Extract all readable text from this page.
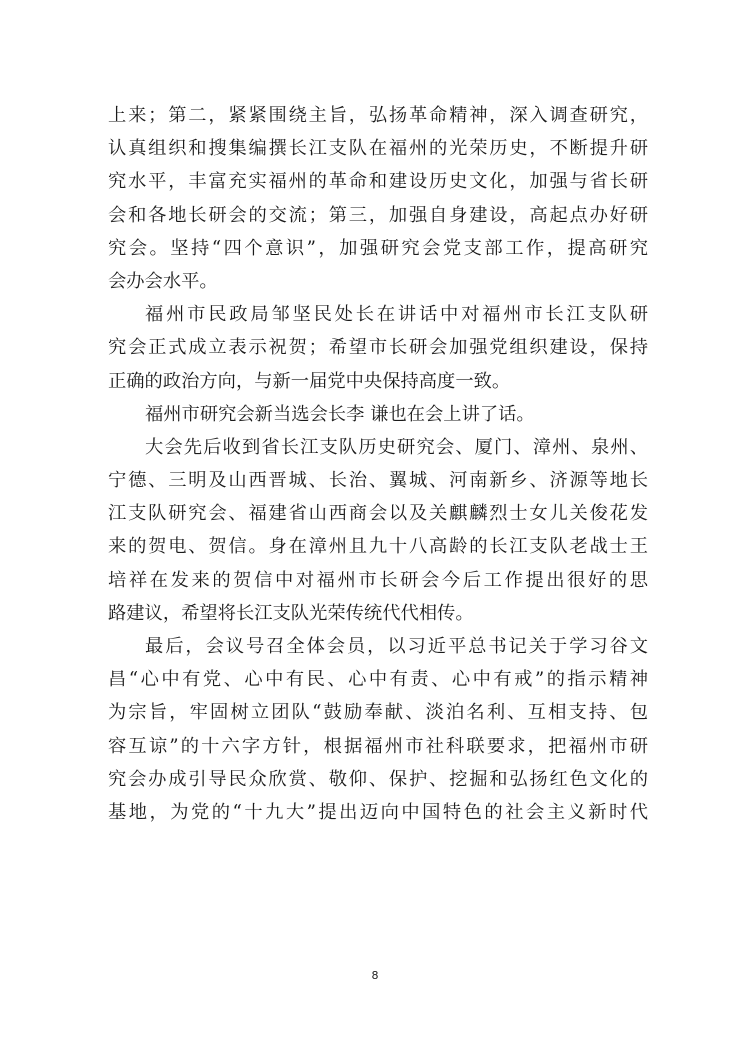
上来；第二，紧紧围绕主旨，弘扬革命精神，深入调查研究，
认真组织和搜集编撰长江支队在福州的光荣历史，不断提升研
究水平，丰富充实福州的革命和建设历史文化，加强与省长研
会和各地长研会的交流；第三，加强自身建设，高起点办好研
究会。坚持“四个意识”，加强研究会党支部工作，提高研究
会办会水平。
福州市民政局邹坚民处长在讲话中对福州市长江支队研
究会正式成立表示祝贺；希望市长研会加强党组织建设，保持
正确的政治方向，与新一届党中央保持高度一致。
福州市研究会新当选会长李 谦也在会上讲了话。
大会先后收到省长江支队历史研究会、厦门、漳州、泉州、
宁德、三明及山西晋城、长治、翼城、河南新乡、济源等地长
江支队研究会、福建省山西商会以及关麒麟烈士女儿关俊花发
来的贺电、贺信。身在漳州且九十八高龄的长江支队老战士王
培祥在发来的贺信中对福州市长研会今后工作提出很好的思
路建议，希望将长江支队光荣传统代代相传。
最后，会议号召全体会员，以习近平总书记关于学习谷文
昌“心中有党、心中有民、心中有责、心中有戒”的指示精神
为宗旨，牢固树立团队“鼓励奉献、淡泊名利、互相支持、包
容互谅”的十六字方针，根据福州市社科联要求，把福州市研
究会办成引导民众欣赏、敬仰、保护、挖掘和弘扬红色文化的
基地，为党的“十九大”提出迈向中国特色的社会主义新时代
8
